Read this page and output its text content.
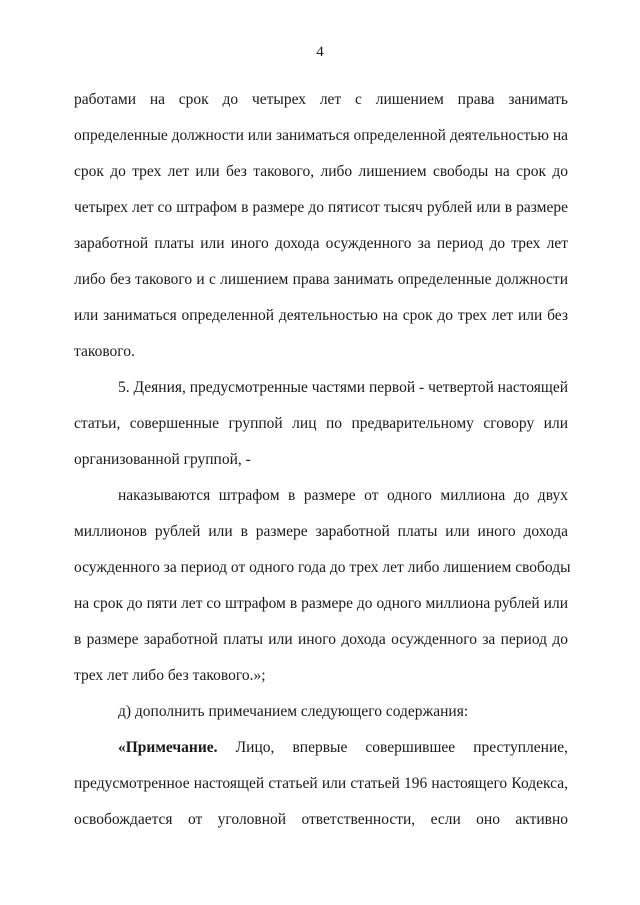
4
работами на срок до четырех лет с лишением права занимать
определенные должности или заниматься определенной деятельностью на
срок до трех лет или без такового, либо лишением свободы на срок до
четырех лет со штрафом в размере до пятисот тысяч рублей или в размере
заработной платы или иного дохода осужденного за период до трех лет
либо без такового и с лишением права занимать определенные должности
или заниматься определенной деятельностью на срок до трех лет или без
такового.
5. Деяния, предусмотренные частями первой - четвертой настоящей
статьи, совершенные группой лиц по предварительному сговору или
организованной группой, -
наказываются штрафом в размере от одного миллиона до двух
миллионов рублей или в размере заработной платы или иного дохода
осужденного за период от одного года до трех лет либо лишением свободы
на срок до пяти лет со штрафом в размере до одного миллиона рублей или
в размере заработной платы или иного дохода осужденного за период до
трех лет либо без такового.»;
д) дополнить примечанием следующего содержания:
«Примечание. Лицо, впервые совершившее преступление,
предусмотренное настоящей статьей или статьей 196 настоящего Кодекса,
освобождается от уголовной ответственности, если оно активно
